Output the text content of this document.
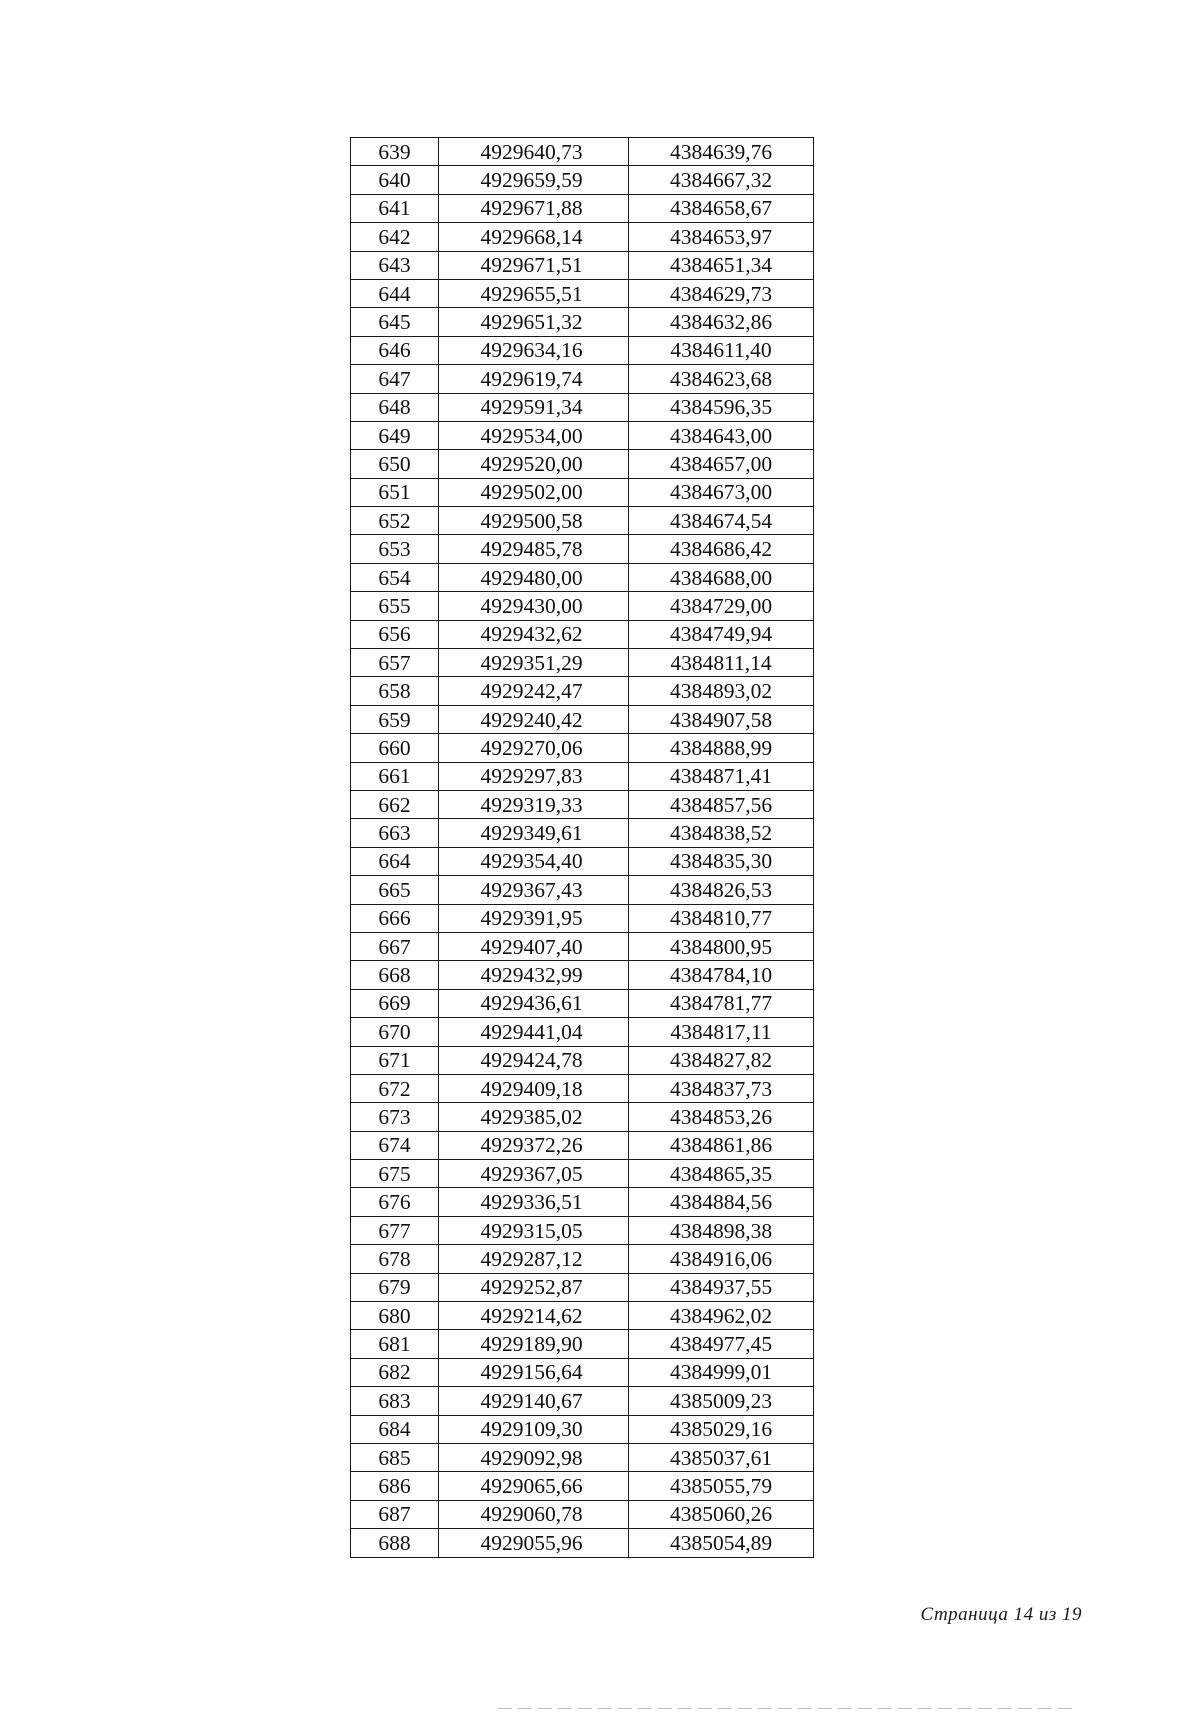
639	4929640,73	4384639,76
640	4929659,59	4384667,32
641	4929671,88	4384658,67
642	4929668,14	4384653,97
643	4929671,51	4384651,34
644	4929655,51	4384629,73
645	4929651,32	4384632,86
646	4929634,16	4384611,40
647	4929619,74	4384623,68
648	4929591,34	4384596,35
649	4929534,00	4384643,00
650	4929520,00	4384657,00
651	4929502,00	4384673,00
652	4929500,58	4384674,54
653	4929485,78	4384686,42
654	4929480,00	4384688,00
655	4929430,00	4384729,00
656	4929432,62	4384749,94
657	4929351,29	4384811,14
658	4929242,47	4384893,02
659	4929240,42	4384907,58
660	4929270,06	4384888,99
661	4929297,83	4384871,41
662	4929319,33	4384857,56
663	4929349,61	4384838,52
664	4929354,40	4384835,30
665	4929367,43	4384826,53
666	4929391,95	4384810,77
667	4929407,40	4384800,95
668	4929432,99	4384784,10
669	4929436,61	4384781,77
670	4929441,04	4384817,11
671	4929424,78	4384827,82
672	4929409,18	4384837,73
673	4929385,02	4384853,26
674	4929372,26	4384861,86
675	4929367,05	4384865,35
676	4929336,51	4384884,56
677	4929315,05	4384898,38
678	4929287,12	4384916,06
679	4929252,87	4384937,55
680	4929214,62	4384962,02
681	4929189,90	4384977,45
682	4929156,64	4384999,01
683	4929140,67	4385009,23
684	4929109,30	4385029,16
685	4929092,98	4385037,61
686	4929065,66	4385055,79
687	4929060,78	4385060,26
688	4929055,96	4385054,89
Страница 14 из 19
